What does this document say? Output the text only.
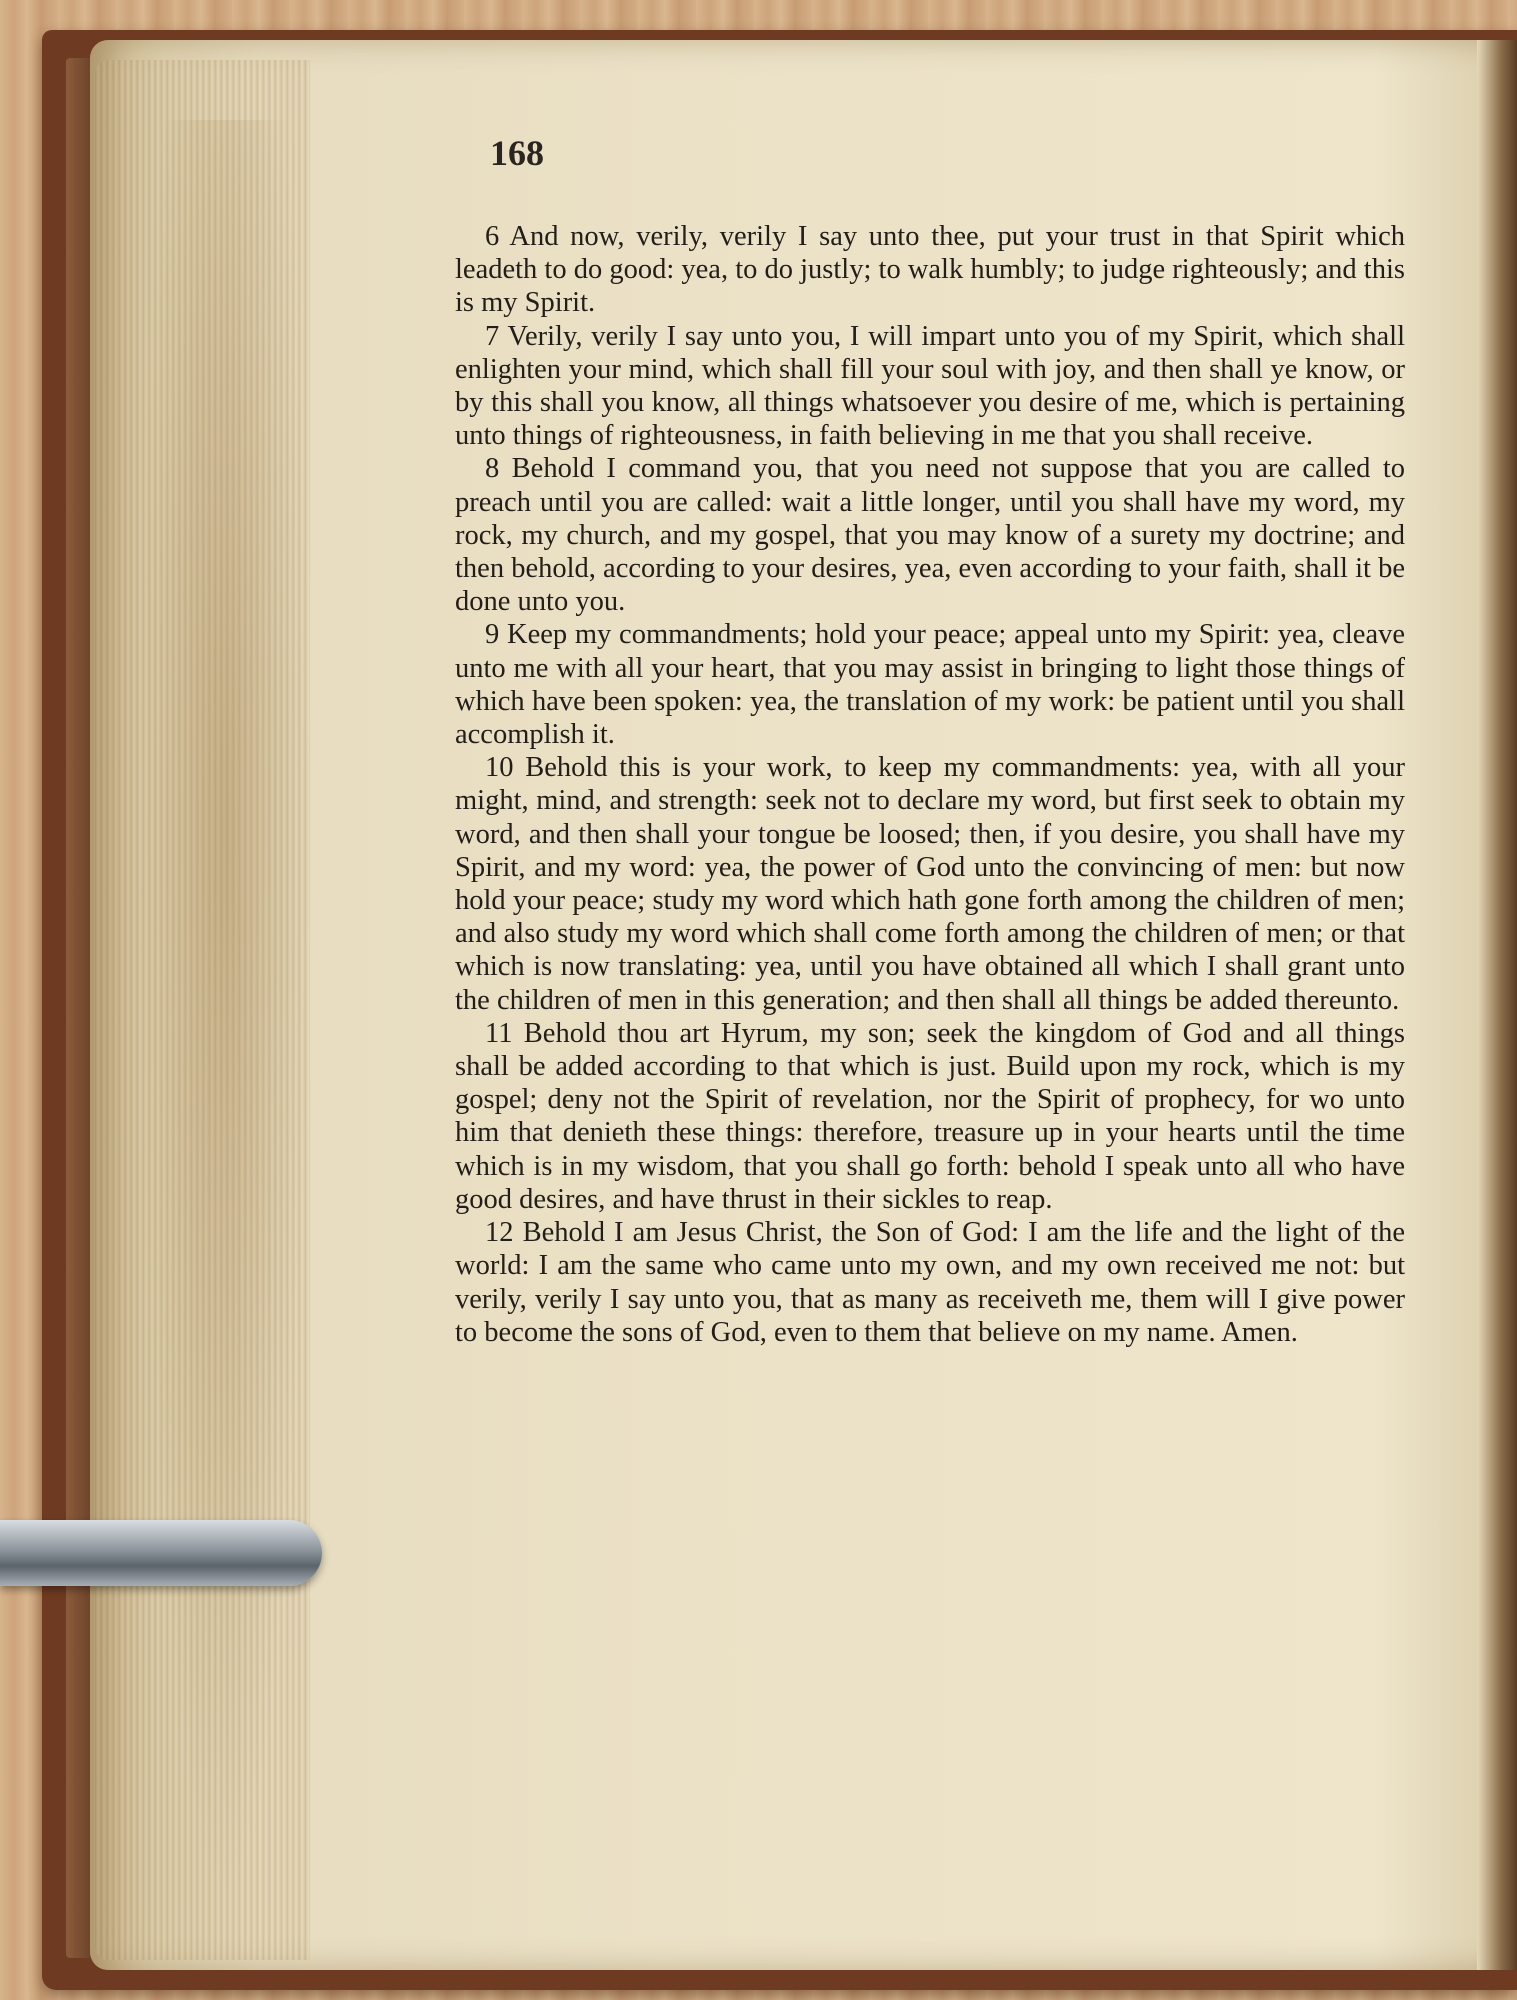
168

6 And now, verily, verily I say unto thee, put your trust in that Spirit which leadeth to do good: yea, to do justly; to walk humbly; to judge righteously; and this is my Spirit.

7 Verily, verily I say unto you, I will impart unto you of my Spirit, which shall enlighten your mind, which shall fill your soul with joy, and then shall ye know, or by this shall you know, all things whatsoever you desire of me, which is pertaining unto things of righteousness, in faith believing in me that you shall receive.

8 Behold I command you, that you need not suppose that you are called to preach until you are called: wait a little longer, until you shall have my word, my rock, my church, and my gospel, that you may know of a surety my doctrine; and then behold, according to your desires, yea, even according to your faith, shall it be done unto you.

9 Keep my commandments; hold your peace; appeal unto my Spirit: yea, cleave unto me with all your heart, that you may assist in bringing to light those things of which have been spoken: yea, the translation of my work: be patient until you shall accomplish it.

10 Behold this is your work, to keep my commandments: yea, with all your might, mind, and strength: seek not to declare my word, but first seek to obtain my word, and then shall your tongue be loosed; then, if you desire, you shall have my Spirit, and my word: yea, the power of God unto the convincing of men: but now hold your peace; study my word which hath gone forth among the children of men; and also study my word which shall come forth among the children of men; or that which is now translating: yea, until you have obtained all which I shall grant unto the children of men in this generation; and then shall all things be added thereunto.

11 Behold thou art Hyrum, my son; seek the kingdom of God and all things shall be added according to that which is just. Build upon my rock, which is my gospel; deny not the Spirit of revelation, nor the Spirit of prophecy, for wo unto him that denieth these things: therefore, treasure up in your hearts until the time which is in my wisdom, that you shall go forth: behold I speak unto all who have good desires, and have thrust in their sickles to reap.

12 Behold I am Jesus Christ, the Son of God: I am the life and the light of the world: I am the same who came unto my own, and my own received me not: but verily, verily I say unto you, that as many as receiveth me, them will I give power to become the sons of God, even to them that believe on my name. Amen.
